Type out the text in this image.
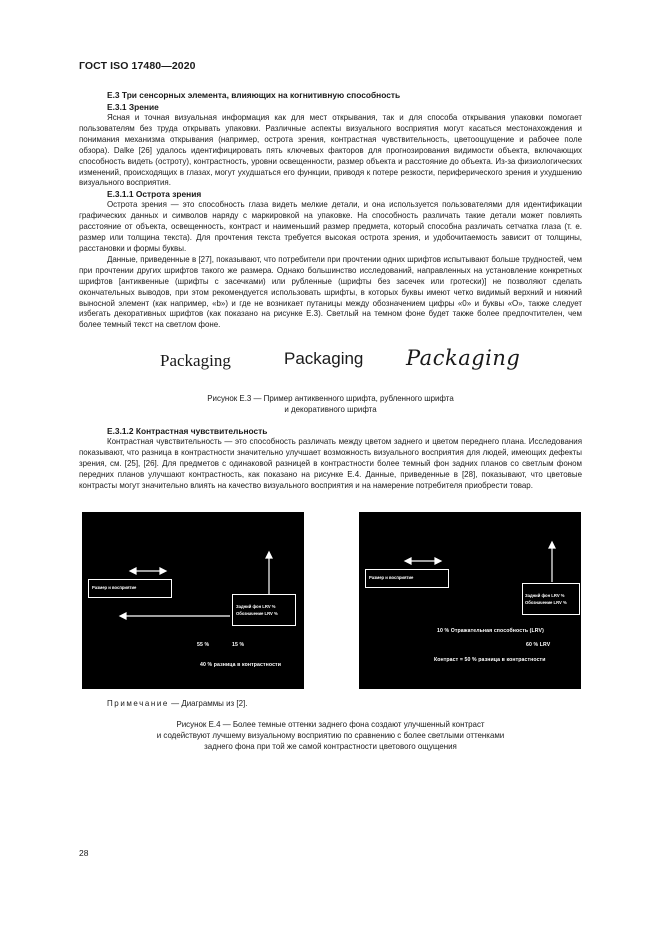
ГОСТ ISO 17480—2020
Е.3 Три сенсорных элемента, влияющих на когнитивную способность
Е.3.1 Зрение

Ясная и точная визуальная информация как для мест открывания, так и для способа открывания упаковки помогает пользователям без труда открывать упаковки. Различные аспекты визуального восприятия могут касаться местонахождения и понимания механизма открывания (например, острота зрения, контрастная чувствительность, цветоощущение и рабочее поле обзора). Dalke [26] удалось идентифицировать пять ключевых факторов для прогнозирования видимости объекта, включающих способность видеть (остроту), контрастность, уровни освещенности, размер объекта и расстояние до объекта. Из-за физиологических изменений, происходящих в глазах, могут ухудшаться его функции, приводя к потере резкости, периферического зрения и ухудшению визуального восприятия.

Е.3.1.1 Острота зрения

Острота зрения — это способность глаза видеть мелкие детали, и она используется пользователями для идентификации графических данных и символов наряду с маркировкой на упаковке. На способность различать такие детали может повлиять расстояние от объекта, освещенность, контраст и наименьший размер предмета, который способна различать сетчатка глаза (т. е. размер или толщина текста). Для прочтения текста требуется высокая острота зрения, и удобочитаемость зависит от толщины, расстановки и формы буквы.

Данные, приведенные в [27], показывают, что потребители при прочтении одних шрифтов испытывают больше трудностей, чем при прочтении других шрифтов такого же размера. Однако большинство исследований, направленных на установление конкретных шрифтов [антиквенные (шрифты с засечками) или рубленные (шрифты без засечек или гротески)] не позволяют сделать окончательных выводов, при этом рекомендуется использовать шрифты, в которых буквы имеют четко видимый верхний и нижний выносной элемент (как например, «b») и где не возникает путаницы между обозначением цифры «0» и буквы «О», также следует избегать декоративных шрифтов (как показано на рисунке Е.3). Светлый на темном фоне будет также более предпочтителен, чем более темный текст на светлом фоне.

Packaging	Packaging Packaging

Рисунок Е.3 — Пример антиквенного шрифта, рубленного шрифта

и декоративного шрифта

Е.3.1.2 Контрастная чувствительность

Контрастная чувствительность — это способность различать между цветом заднего и цветом переднего плана. Исследования показывают, что разница в контрастности значительно улучшает возможность визуального восприятия для людей, имеющих дефекты зрения, см. [25], [26]. Для предметов с одинаковой разницей в контрастности более темный фон задних планов со светлым фоном передних планов улучшают контрастность, как показано на рисунке Е.4. Данные, приведенные в [28], показывают, что цветовые контрасты могут значительно влиять на качество визуального восприятия и на намерение потребителя приобрести товар.

Размер и восприятие
Задний фон LRV %
Обозначение LRV %
55 %	15 %
40 % разница в контрастности
Размер и восприятие
Задний фон LRV %
Обозначение LRV %
10 % Отражательная способность (LRV)
60 % LRV
Контраст = 50 % разница в контрастности

Примечание — Диаграммы из [2].

Рисунок Е.4 — Более темные оттенки заднего фона создают улучшенный контраст

и содействуют лучшему визуальному восприятию по сравнению с более светлыми оттенками

заднего фона при той же самой контрастности цветового ощущения

28
